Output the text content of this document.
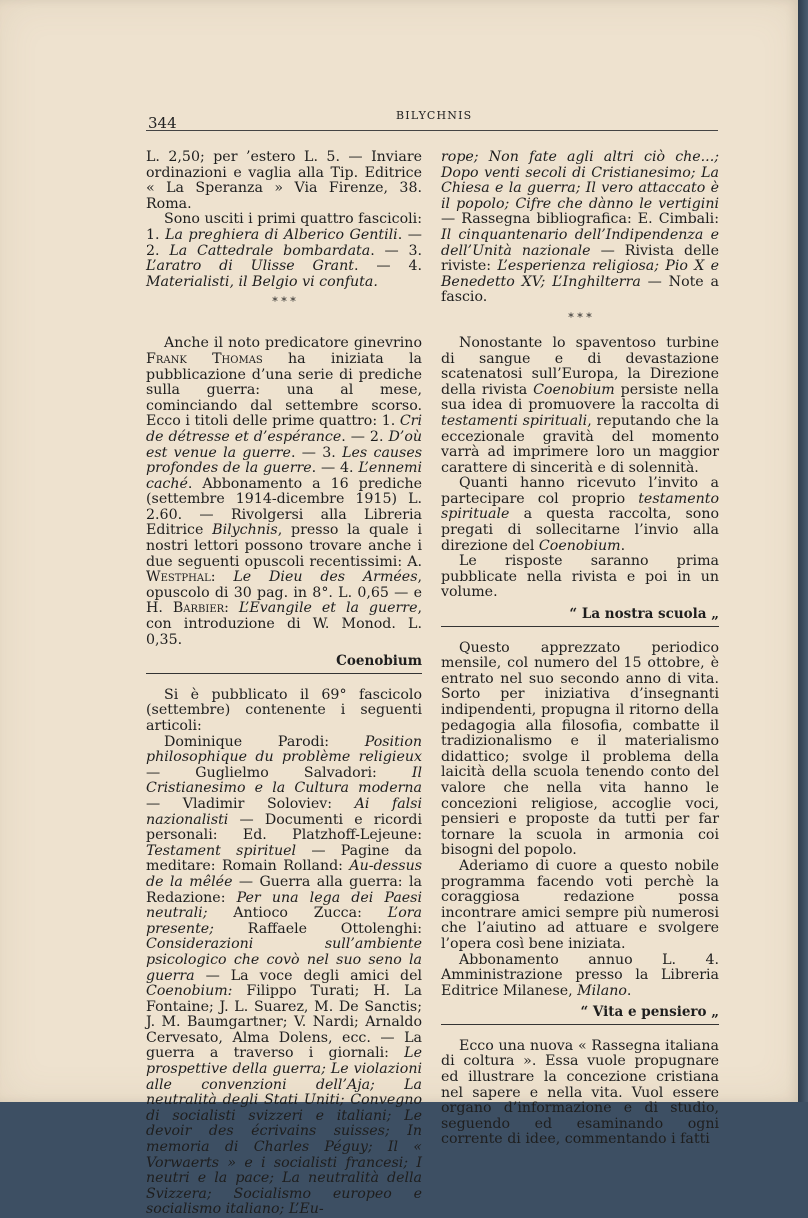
344	BILYCHNIS

L. 2,50; per ’estero L. 5. — Inviare ordinazioni e vaglia alla Tip. Editrice « La Speranza » Via Firenze, 38. Roma.

Sono usciti i primi quattro fascicoli: 1. La preghiera di Alberico Gentili. — 2. La Cattedrale bombardata. — 3. L’aratro di Ulisse Grant. — 4. Materialisti, il Belgio vi confuta.

* * *

Anche il noto predicatore ginevrino Frank Thomas ha iniziata la pubblicazione d’una serie di prediche sulla guerra: una al mese, cominciando dal settembre scorso. Ecco i titoli delle prime quattro: 1. Cri de détresse et d’espérance. — 2. D’où est venue la guerre. — 3. Les causes profondes de la guerre. — 4. L’ennemi caché. Abbonamento a 16 prediche (settembre 1914-dicembre 1915) L. 2.60. — Rivolgersi alla Libreria Editrice Bilychnis, presso la quale i nostri lettori possono trovare anche i due seguenti opuscoli recentissimi: A. Westphal: Le Dieu des Armées, opuscolo di 30 pag. in 8°. L. 0,65 — e H. Barbier: L’Evangile et la guerre, con introduzione di W. Monod. L. 0,35.

Coenobium

Si è pubblicato il 69° fascicolo (settembre) contenente i seguenti articoli:

Dominique Parodi: Position philosophique du problème religieux — Guglielmo Salvadori: Il Cristianesimo e la Cultura moderna — Vladimir Soloviev: Ai falsi nazionalisti — Documenti e ricordi personali: Ed. Platzhoff-Lejeune: Testament spirituel — Pagine da meditare: Romain Rolland: Au-dessus de la mêlée — Guerra alla guerra: la Redazione: Per una lega dei Paesi neutrali; Antioco Zucca: L’ora presente; Raffaele Ottolenghi: Considerazioni sull’ambiente psicologico che covò nel suo seno la guerra — La voce degli amici del Coenobium: Filippo Turati; H. La Fontaine; J. L. Suarez, M. De Sanctis; J. M. Baumgartner; V. Nardi; Arnaldo Cervesato, Alma Dolens, ecc. — La guerra a traverso i giornali: Le prospettive della guerra; Le violazioni alle convenzioni dell’Aja; La neutralità degli Stati Uniti; Convegno di socialisti svizzeri e italiani; Le devoir des écrivains suisses; In memoria di Charles Péguy; Il « Vorwaerts » e i socialisti francesi; I neutri e la pace; La neutralità della Svizzera; Socialismo europeo e socialismo italiano; L’Eu-

rope; Non fate agli altri ciò che...; Dopo venti secoli di Cristianesimo; La Chiesa e la guerra; Il vero attaccato è il popolo; Cifre che dànno le vertigini — Rassegna bibliografica: E. Cimbali: Il cinquantenario dell’Indipendenza e dell’Unità nazionale — Rivista delle riviste: L’esperienza religiosa; Pio X e Benedetto XV; L’Inghilterra — Note a fascio.

* * *

Nonostante lo spaventoso turbine di sangue e di devastazione scatenatosi sull’Europa, la Direzione della rivista Coenobium persiste nella sua idea di promuovere la raccolta di testamenti spirituali, reputando che la eccezionale gravità del momento varrà ad imprimere loro un maggior carattere di sincerità e di solennità.

Quanti hanno ricevuto l’invito a partecipare col proprio testamento spirituale a questa raccolta, sono pregati di sollecitarne l’invio alla direzione del Coenobium.

Le risposte saranno prima pubblicate nella rivista e poi in un volume.

“ La nostra scuola „

Questo apprezzato periodico mensile, col numero del 15 ottobre, è entrato nel suo secondo anno di vita. Sorto per iniziativa d’insegnanti indipendenti, propugna il ritorno della pedagogia alla filosofia, combatte il tradizionalismo e il materialismo didattico; svolge il problema della laicità della scuola tenendo conto del valore che nella vita hanno le concezioni religiose, accoglie voci, pensieri e proposte da tutti per far tornare la scuola in armonia coi bisogni del popolo.

Aderiamo di cuore a questo nobile programma facendo voti perchè la coraggiosa redazione possa incontrare amici sempre più numerosi che l’aiutino ad attuare e svolgere l’opera così bene iniziata.

Abbonamento annuo L. 4. Amministrazione presso la Libreria Editrice Milanese, Milano.

“ Vita e pensiero „

Ecco una nuova « Rassegna italiana di coltura ». Essa vuole propugnare ed illustrare la concezione cristiana nel sapere e nella vita. Vuol essere organo d’informazione e di studio, seguendo ed esaminando ogni corrente di idee, commentando i fatti
